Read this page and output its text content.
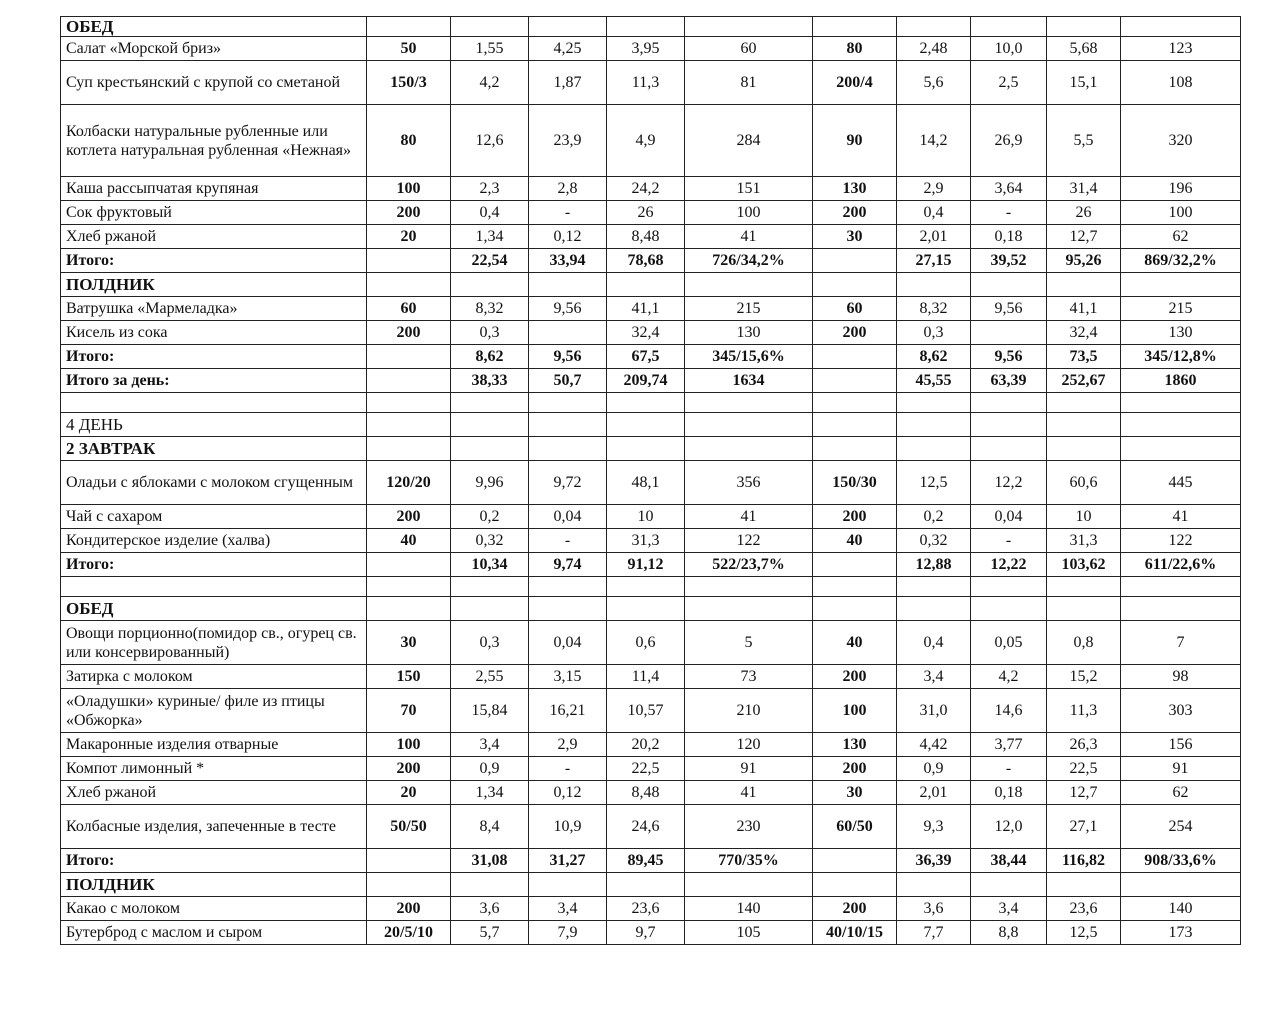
ОБЕД										
Салат «Морской бриз»	50	1,55	4,25	3,95	60	80	2,48	10,0	5,68	123
Суп крестьянский с крупой со сметаной	150/3	4,2	1,87	11,3	81	200/4	5,6	2,5	15,1	108
Колбаски натуральные рубленные или котлета натуральная рубленная «Нежная»	80	12,6	23,9	4,9	284	90	14,2	26,9	5,5	320
Каша рассыпчатая крупяная	100	2,3	2,8	24,2	151	130	2,9	3,64	31,4	196
Сок фруктовый	200	0,4	-	26	100	200	0,4	-	26	100
Хлеб ржаной	20	1,34	0,12	8,48	41	30	2,01	0,18	12,7	62
Итого:		22,54	33,94	78,68	726/34,2%		27,15	39,52	95,26	869/32,2%
ПОЛДНИК										
Ватрушка «Мармеладка»	60	8,32	9,56	41,1	215	60	8,32	9,56	41,1	215
Кисель из сока	200	0,3		32,4	130	200	0,3		32,4	130
Итого:		8,62	9,56	67,5	345/15,6%		8,62	9,56	73,5	345/12,8%
Итого за день:		38,33	50,7	209,74	1634		45,55	63,39	252,67	1860

4 ДЕНЬ										
2 ЗАВТРАК										
Оладьи с яблоками с молоком сгущенным	120/20	9,96	9,72	48,1	356	150/30	12,5	12,2	60,6	445
Чай с сахаром	200	0,2	0,04	10	41	200	0,2	0,04	10	41
Кондитерское изделие (халва)	40	0,32	-	31,3	122	40	0,32	-	31,3	122
Итого:		10,34	9,74	91,12	522/23,7%		12,88	12,22	103,62	611/22,6%

ОБЕД										
Овощи порционно(помидор св., огурец св. или консервированный)	30	0,3	0,04	0,6	5	40	0,4	0,05	0,8	7
Затирка с молоком	150	2,55	3,15	11,4	73	200	3,4	4,2	15,2	98
«Оладушки» куриные/ филе из птицы «Обжорка»	70	15,84	16,21	10,57	210	100	31,0	14,6	11,3	303
Макаронные изделия отварные	100	3,4	2,9	20,2	120	130	4,42	3,77	26,3	156
Компот лимонный *	200	0,9	-	22,5	91	200	0,9	-	22,5	91
Хлеб ржаной	20	1,34	0,12	8,48	41	30	2,01	0,18	12,7	62
Колбасные изделия, запеченные в тесте	50/50	8,4	10,9	24,6	230	60/50	9,3	12,0	27,1	254
Итого:		31,08	31,27	89,45	770/35%		36,39	38,44	116,82	908/33,6%
ПОЛДНИК										
Какао с молоком	200	3,6	3,4	23,6	140	200	3,6	3,4	23,6	140
Бутерброд с маслом и сыром	20/5/10	5,7	7,9	9,7	105	40/10/15	7,7	8,8	12,5	173
